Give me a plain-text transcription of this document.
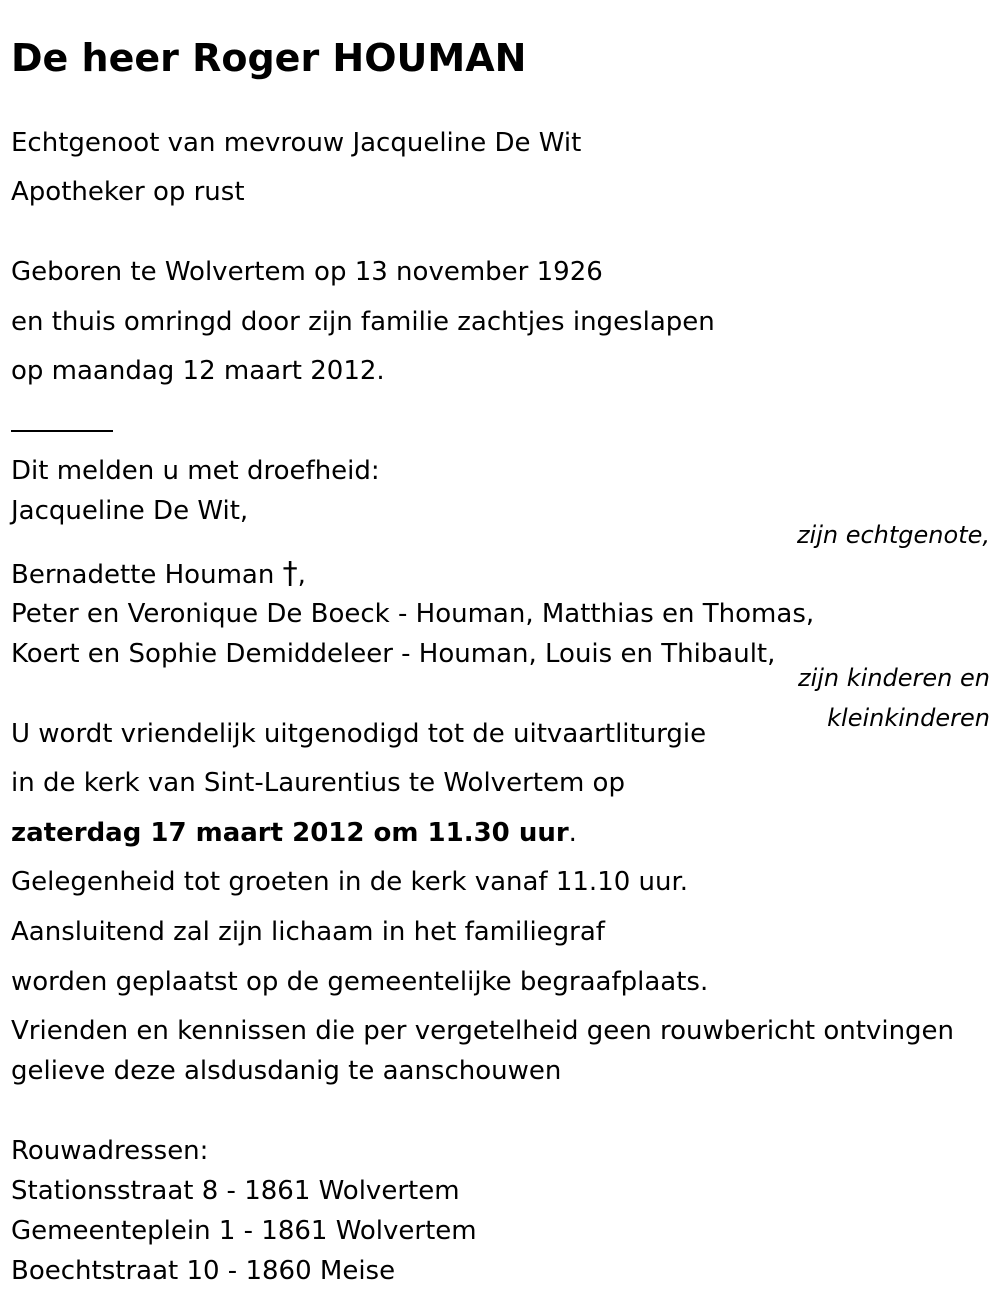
De heer Roger HOUMAN
Echtgenoot van mevrouw Jacqueline De Wit
Apotheker op rust
Geboren te Wolvertem op 13 november 1926
en thuis omringd door zijn familie zachtjes ingeslapen
op maandag 12 maart 2012.
Dit melden u met droefheid:
Jacqueline De Wit,
zijn echtgenote,
Bernadette Houman †,
Peter en Veronique De Boeck - Houman, Matthias en Thomas,
Koert en Sophie Demiddeleer - Houman, Louis en Thibault,
zijn kinderen en
kleinkinderen
U wordt vriendelijk uitgenodigd tot de uitvaartliturgie
in de kerk van Sint-Laurentius te Wolvertem op
zaterdag 17 maart 2012 om 11.30 uur.
Gelegenheid tot groeten in de kerk vanaf 11.10 uur.
Aansluitend zal zijn lichaam in het familiegraf
worden geplaatst op de gemeentelijke begraafplaats.
Vrienden en kennissen die per vergetelheid geen rouwbericht ontvingen
gelieve deze alsdusdanig te aanschouwen
Rouwadressen:
Stationsstraat 8 - 1861 Wolvertem
Gemeenteplein 1 - 1861 Wolvertem
Boechtstraat 10 - 1860 Meise
